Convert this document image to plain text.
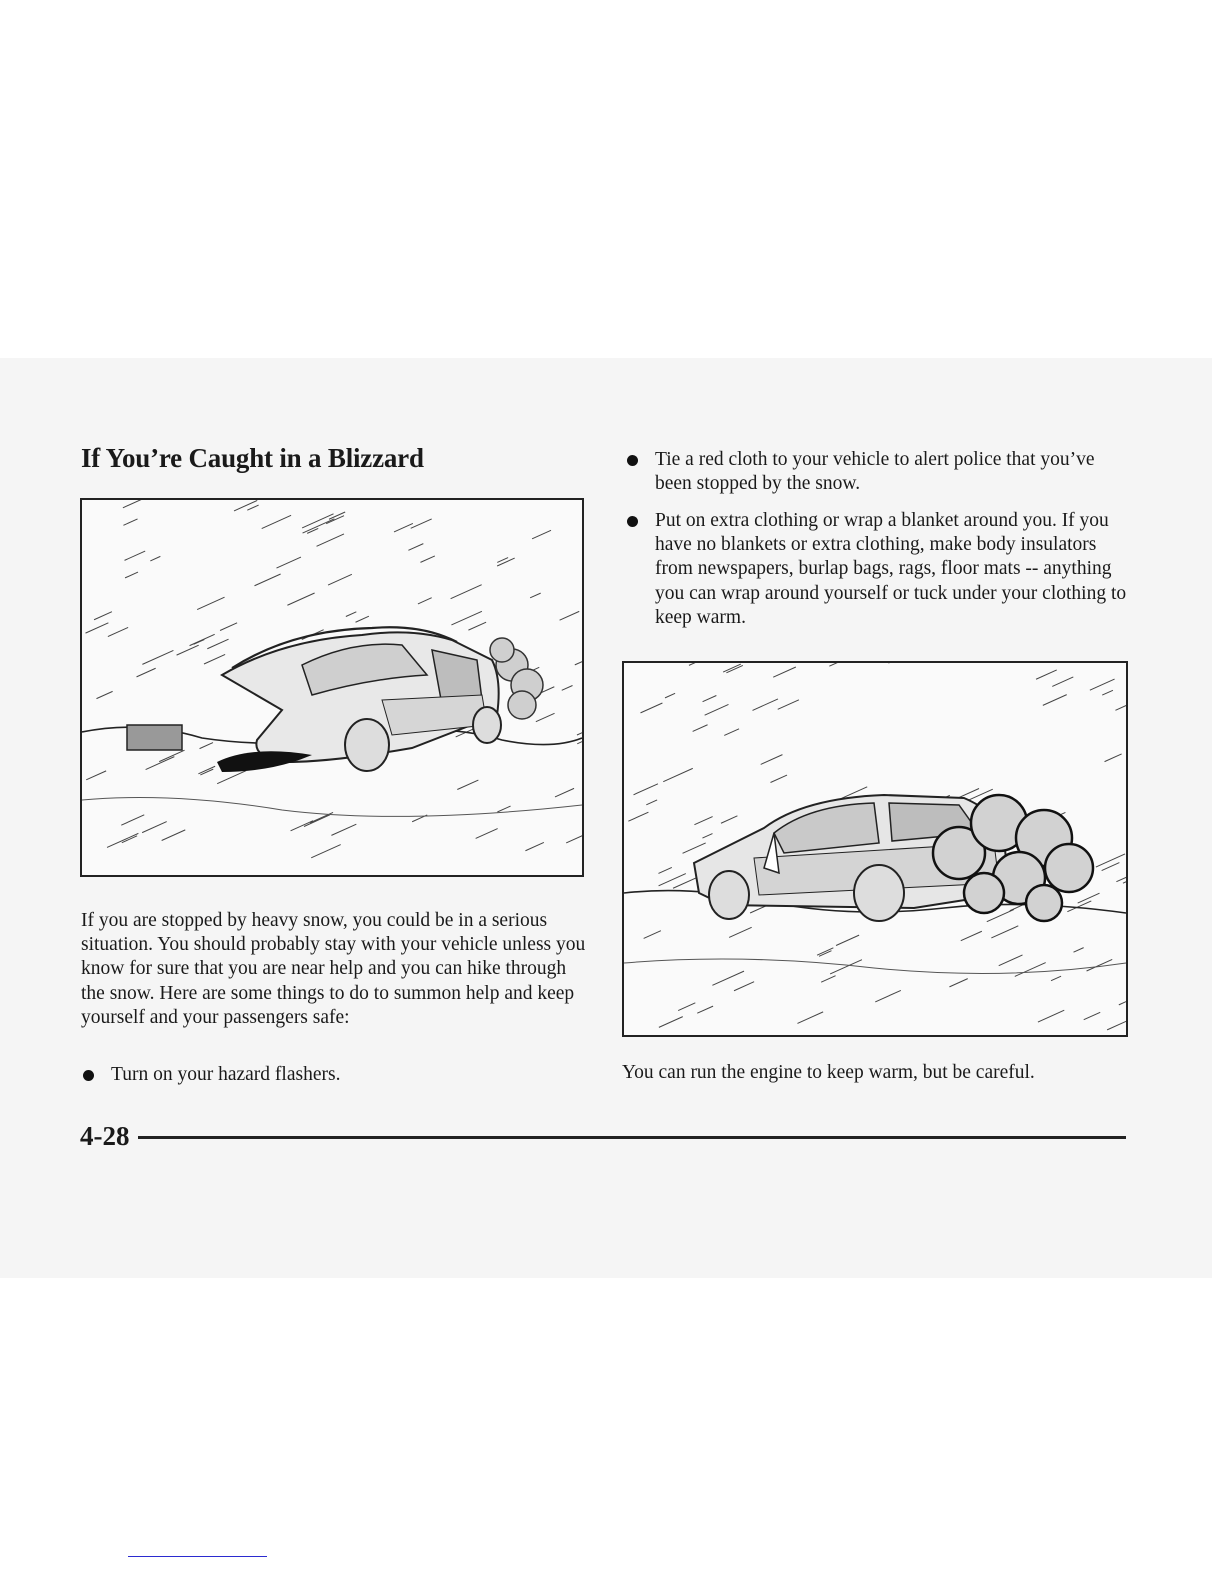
If You’re Caught in a Blizzard

If you are stopped by heavy snow, you could be in a serious situation. You should probably stay with your vehicle unless you know for sure that you are near help and you can hike through the snow. Here are some things to do to summon help and keep yourself and your passengers safe:

Turn on your hazard flashers.

Tie a red cloth to your vehicle to alert police that you’ve been stopped by the snow.

Put on extra clothing or wrap a blanket around you. If you have no blankets or extra clothing, make body insulators from newspapers, burlap bags, rags, floor mats -- anything you can wrap around yourself or tuck under your clothing to keep warm.

You can run the engine to keep warm, but be careful.

4-28
